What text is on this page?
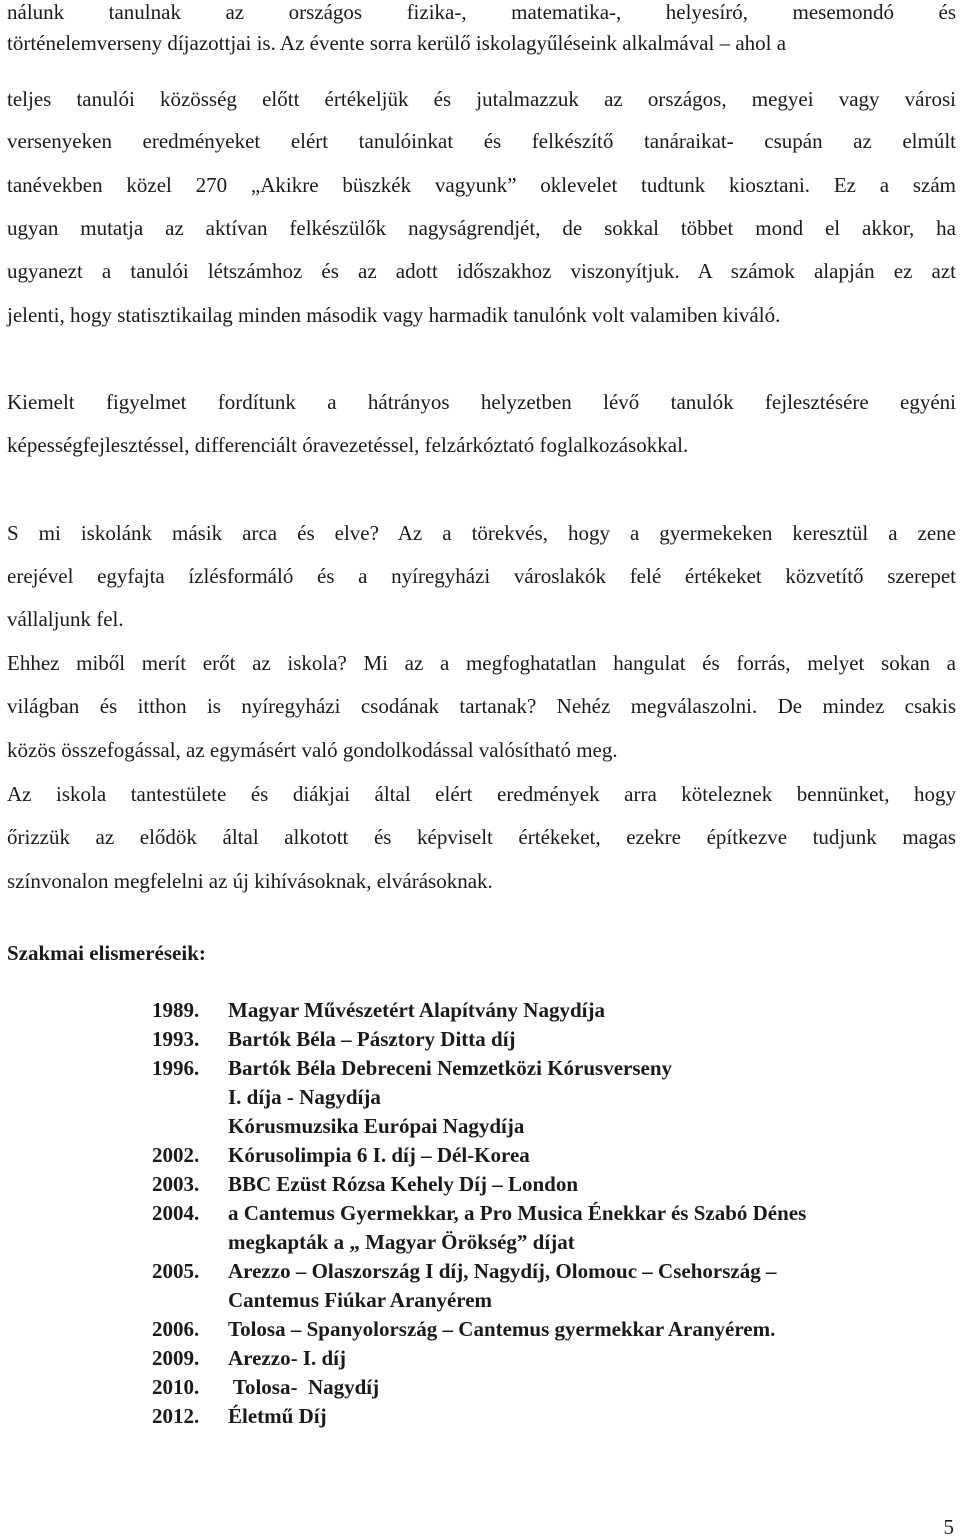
nálunk tanulnak az országos fizika-, matematika-, helyesíró, mesemondó és
történelemverseny díjazottjai is. Az évente sorra kerülő iskolagyűléseink alkalmával – ahol a
teljes tanulói közösség előtt értékeljük és jutalmazzuk az országos, megyei vagy városi
versenyeken eredményeket elért tanulóinkat és felkészítő tanáraikat- csupán az elmúlt
tanévekben közel 270 „Akikre büszkék vagyunk” oklevelet tudtunk kiosztani. Ez a szám
ugyan mutatja az aktívan felkészülők nagyságrendjét, de sokkal többet mond el akkor, ha
ugyanezt a tanulói létszámhoz és az adott időszakhoz viszonyítjuk. A számok alapján ez azt
jelenti, hogy statisztikailag minden második vagy harmadik tanulónk volt valamiben kiváló.
Kiemelt figyelmet fordítunk a hátrányos helyzetben lévő tanulók fejlesztésére egyéni
képességfejlesztéssel, differenciált óravezetéssel, felzárkóztató foglalkozásokkal.
S mi iskolánk másik arca és elve? Az a törekvés, hogy a gyermekeken keresztül a zene
erejével egyfajta ízlésformáló és a nyíregyházi városlakók felé értékeket közvetítő szerepet
vállaljunk fel.
Ehhez miből merít erőt az iskola? Mi az a megfoghatatlan hangulat és forrás, melyet sokan a
világban és itthon is nyíregyházi csodának tartanak? Nehéz megválaszolni. De mindez csakis
közös összefogással, az egymásért való gondolkodással valósítható meg.
Az iskola tantestülete és diákjai által elért eredmények arra köteleznek bennünket, hogy
őrizzük az elődök által alkotott és képviselt értékeket, ezekre építkezve tudjunk magas
színvonalon megfelelni az új kihívásoknak, elvárásoknak.
Szakmai elismeréseik:
1989. Magyar Művészetért Alapítvány Nagydíja
1993. Bartók Béla – Pásztory Ditta díj
1996. Bartók Béla Debreceni Nemzetközi Kórusverseny
I. díja - Nagydíja
Kórusmuzsika Európai Nagydíja
2002. Kórusolimpia 6 I. díj – Dél-Korea
2003. BBC Ezüst Rózsa Kehely Díj – London
2004. a Cantemus Gyermekkar, a Pro Musica Énekkar és Szabó Dénes
megkapták a „ Magyar Örökség” díjat
2005. Arezzo – Olaszország I díj, Nagydíj, Olomouc – Csehország –
Cantemus Fiúkar Aranyérem
2006. Tolosa – Spanyolország – Cantemus gyermekkar Aranyérem.
2009. Arezzo- I. díj
2010. Tolosa-  Nagydíj
2012. Életmű Díj
5
